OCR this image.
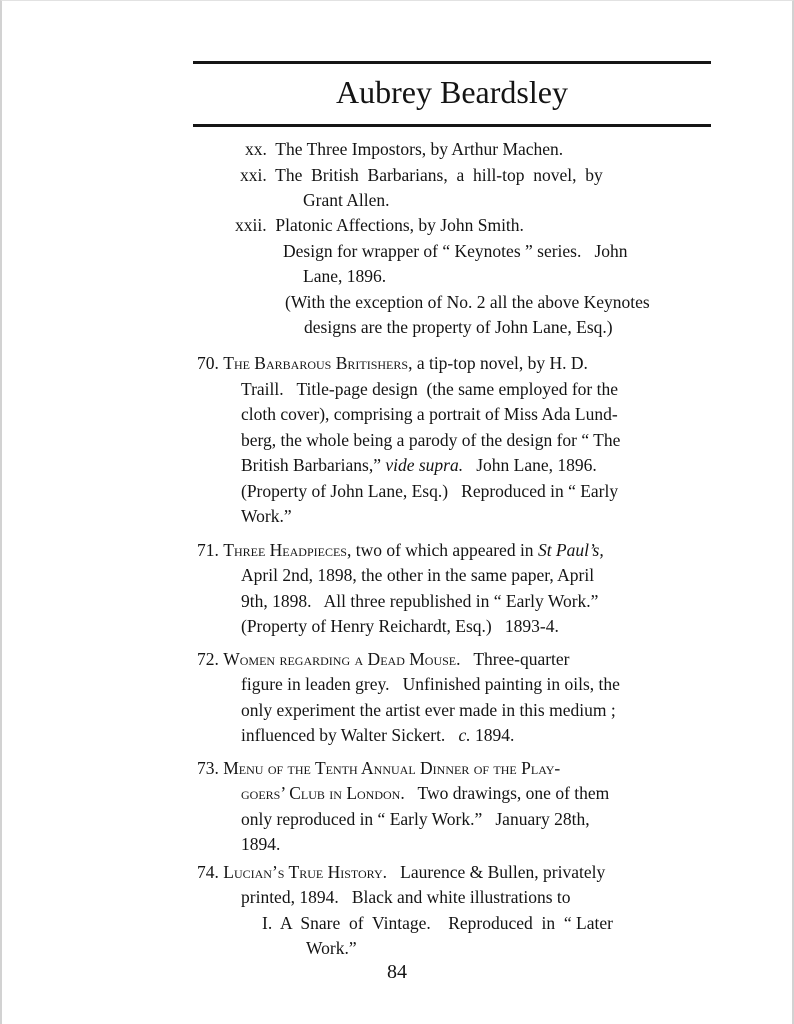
Aubrey Beardsley
xx.  The Three Impostors, by Arthur Machen.
xxi.  The  British  Barbarians,  a  hill-top  novel,  by
Grant Allen.
xxii.  Platonic Affections, by John Smith.
Design for wrapper of “ Keynotes ” series.   John
Lane, 1896.
(With the exception of No. 2 all the above Keynotes
designs are the property of John Lane, Esq.)
70. The Barbarous Britishers, a tip-top novel, by H. D.
Traill.   Title-page design  (the same employed for the
cloth cover), comprising a portrait of Miss Ada Lund-
berg, the whole being a parody of the design for “ The
British Barbarians,” vide supra.   John Lane, 1896.
(Property of John Lane, Esq.)   Reproduced in “ Early
Work.”
71. Three Headpieces, two of which appeared in St Paul’s,
April 2nd, 1898, the other in the same paper, April
9th, 1898.   All three republished in “ Early Work.”
(Property of Henry Reichardt, Esq.)   1893-4.
72. Women regarding a Dead Mouse.   Three-quarter
figure in leaden grey.   Unfinished painting in oils, the
only experiment the artist ever made in this medium ;
influenced by Walter Sickert.   c. 1894.
73. Menu of the Tenth Annual Dinner of the Play-
goers’ Club in London.   Two drawings, one of them
only reproduced in “ Early Work.”   January 28th,
1894.
74. Lucian’s True History.   Laurence & Bullen, privately
printed, 1894.   Black and white illustrations to
I.  A  Snare  of  Vintage.    Reproduced  in  “ Later
Work.”
84
